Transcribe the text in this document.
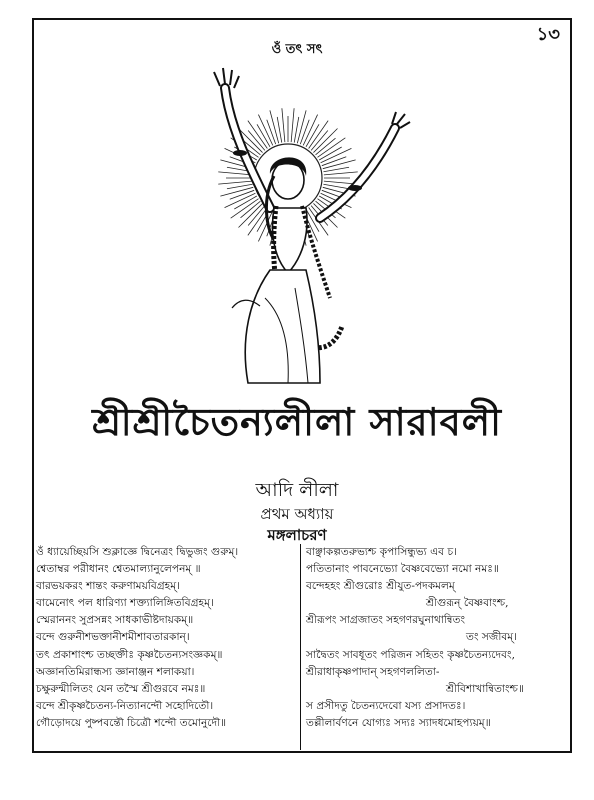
১৩
ওঁ তৎ সৎ
শ্রীশ্রীচৈতন্যলীলা সারাবলী
আদি লীলা
প্রথম অধ্যায়
মঙ্গলাচরণ
ওঁ ধ্যায়েচ্ছিয়সি শুক্লাজ্ঞে দ্বিনেত্রং দ্বিভুজং গুরুম্।
শ্বেতাম্বর পরীধানং শ্বেতমাল্যানুলেপনম্ ॥
বারভয়করং শান্তং করুণাময়বিগ্রহম্।
বামেনোৎ পল ধারিণ্যা শক্ত্যালিঙ্গিতবিগ্রহম্।
স্মেরাননং সুপ্রসন্নং সাধকাভীষ্টদায়কম্॥
বন্দে গুরুনীশভক্তানীশমীশাবতারকান্।
তৎ প্রকাশাংশ্চ তচ্ছক্তীঃ কৃষ্ণচৈতন্যসংজ্ঞকম্॥
অজ্ঞানতিমিরান্ধস্য জ্ঞানাঞ্জন শলাকয়া।
চক্ষুরুন্মীলিতং যেন তস্মৈ শ্রীগুরবে নমঃ॥
বন্দে শ্রীকৃষ্ণচৈতন্য-নিত্যানন্দৌ সহোদিতৌ।
গৌড়োদয়ে পুষ্পবন্তৌ চিত্রৌ শন্দৌ তমোনুদৌ॥
বাঞ্ছাকল্পতরুভ্যশ্চ কৃপাসিন্ধুভ্য এব চ।
পতিতানাং পাবনেভ্যো বৈষ্ণবেভ্যো নমো নমঃ॥
বন্দেহহং শ্রীগুরোঃ শ্রীযুত-পদকমলম্
শ্রীগুরূন্ বৈষ্ণবাংশ্চ,
শ্রীরূপং সাগ্রজাতং সহগণরঘুনাথান্বিতং
তং সজীবম্।
সাদ্বৈতং সাবধূতং পরিজন সহিতং কৃষ্ণচৈতন্যদেবং,
শ্রীরাধাকৃষ্ণপাদান্ সহগণললিতা-
শ্রীবিশাখান্বিতাংশ্চ॥
স প্রসীদতু চৈতন্যদেবো যস্য প্রসাদতঃ।
তল্লীলার্বণনে যোগ্যঃ সদ্যঃ স্যাদধমোহপ্যয়ম্॥
